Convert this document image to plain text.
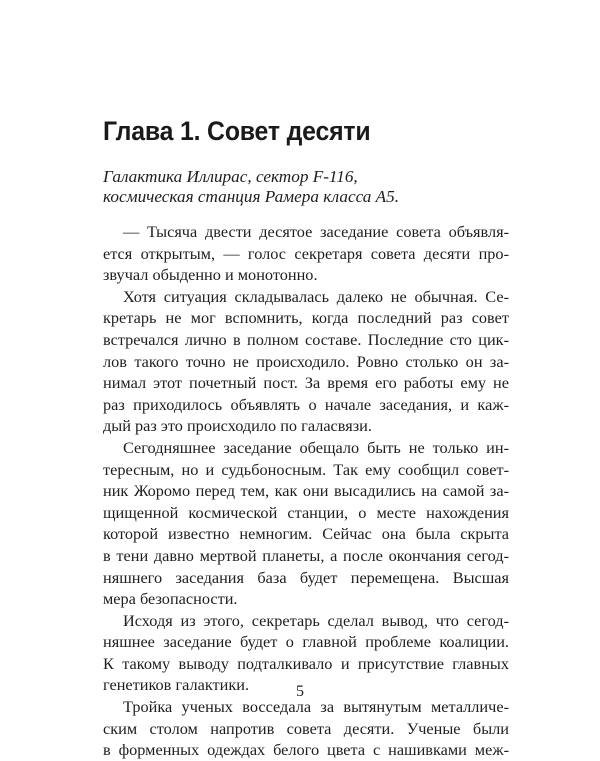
Глава 1. Совет десяти
Галактика Иллирас, сектор F-116,
космическая станция Рамера класса А5.
— Тысяча двести десятое заседание совета объявля-
ется открытым, — голос секретаря совета десяти про-
звучал обыденно и монотонно.
Хотя ситуация складывалась далеко не обычная. Се-
кретарь не мог вспомнить, когда последний раз совет
встречался лично в полном составе. Последние сто цик-
лов такого точно не происходило. Ровно столько он за-
нимал этот почетный пост. За время его работы ему не
раз приходилось объявлять о начале заседания, и каж-
дый раз это происходило по галасвязи.
Сегодняшнее заседание обещало быть не только ин-
тересным, но и судьбоносным. Так ему сообщил совет-
ник Жоромо перед тем, как они высадились на самой за-
щищенной космической станции, о месте нахождения
которой известно немногим. Сейчас она была скрыта
в тени давно мертвой планеты, а после окончания сегод-
няшнего заседания база будет перемещена. Высшая
мера безопасности.
Исходя из этого, секретарь сделал вывод, что сегод-
няшнее заседание будет о главной проблеме коалиции.
К такому выводу подталкивало и присутствие главных
генетиков галактики.
Тройка ученых восседала за вытянутым металличе-
ским столом напротив совета десяти. Ученые были
в форменных одеждах белого цвета с нашивками меж-
5
